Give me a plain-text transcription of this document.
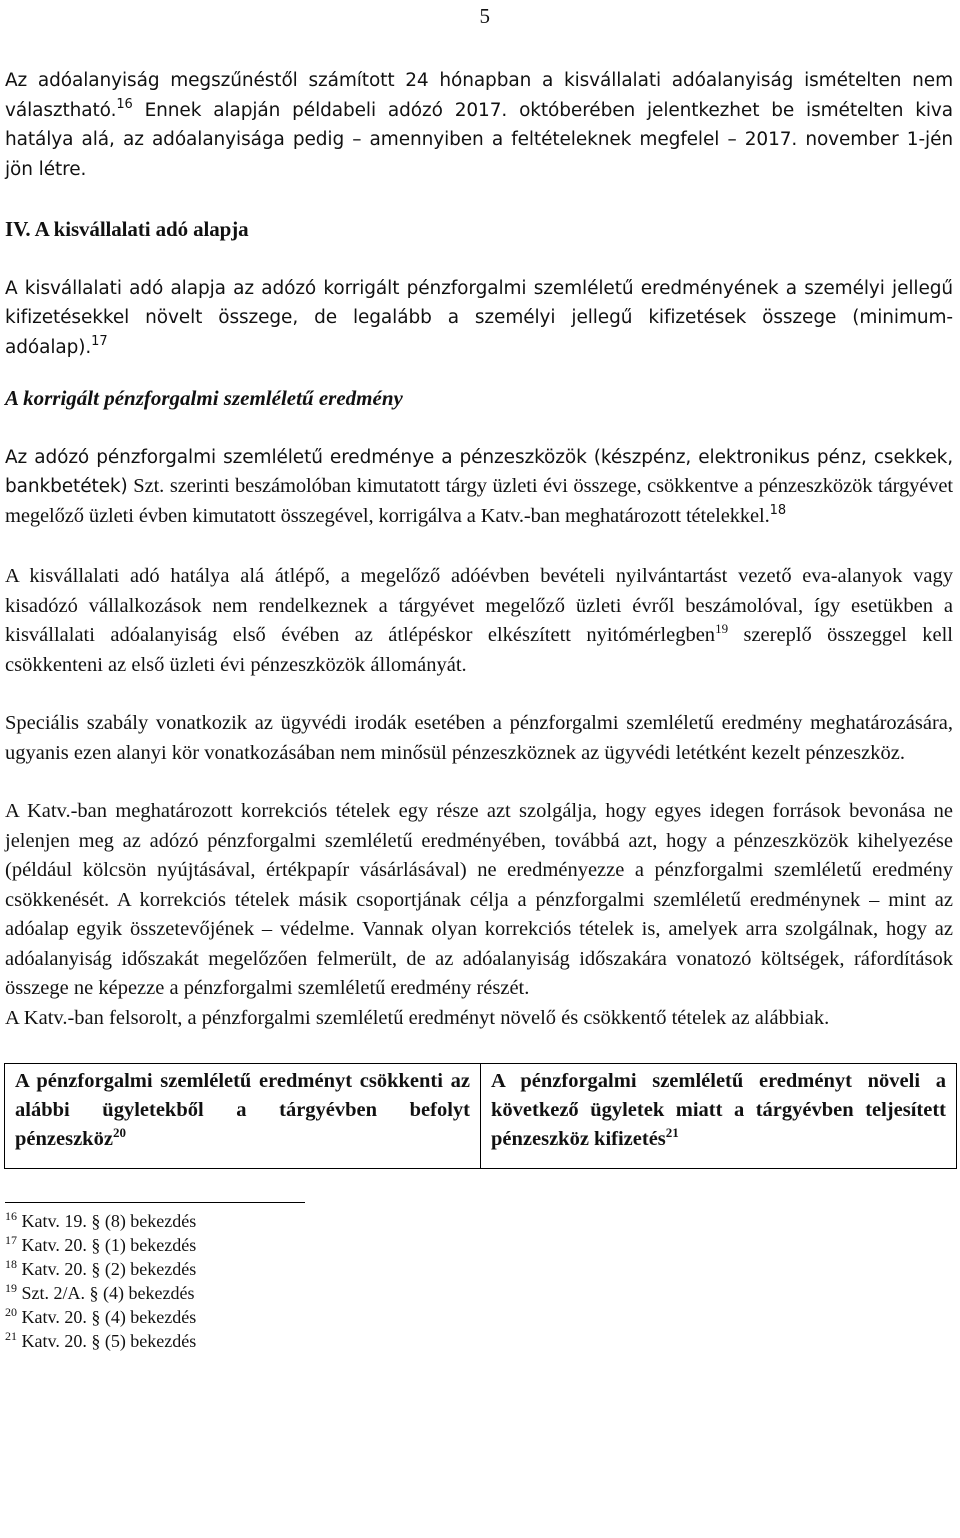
5

Az adóalanyiság megszűnéstől számított 24 hónapban a kisvállalati adóalanyiság ismételten nem választható.$^{16}$ Ennek alapján példabeli adózó 2017. októberében jelentkezhet be ismételten kiva hatálya alá, az adóalanyisága pedig – amennyiben a feltételeknek megfelel – 2017. november 1-jén jön létre.

IV. A kisvállalati adó alapja

A kisvállalati adó alapja az adózó korrigált pénzforgalmi szemléletű eredményének a személyi jellegű kifizetésekkel növelt összege, de legalább a személyi jellegű kifizetések összege (minimum-adóalap).$^{17}$

A korrigált pénzforgalmi szemléletű eredmény

Az adózó pénzforgalmi szemléletű eredménye a pénzeszközök (készpénz, elektronikus pénz, csekkek, bankbetétek) Szt. szerinti beszámolóban kimutatott tárgy üzleti évi összege, csökkentve a pénzeszközök tárgyévet megelőző üzleti évben kimutatott összegével, korrigálva a Katv.-ban meghatározott tételekkel.$^{18}$

A kisvállalati adó hatálya alá átlépő, a megelőző adóévben bevételi nyilvántartást vezető eva-alanyok vagy kisadózó vállalkozások nem rendelkeznek a tárgyévet megelőző üzleti évről beszámolóval, így esetükben a kisvállalati adóalanyiság első évében az átlépéskor elkészített nyitómérlegben$^{19}$ szereplő összeggel kell csökkenteni az első üzleti évi pénzeszközök állományát.

Speciális szabály vonatkozik az ügyvédi irodák esetében a pénzforgalmi szemléletű eredmény meghatározására, ugyanis ezen alanyi kör vonatkozásában nem minősül pénzeszköznek az ügyvédi letétként kezelt pénzeszköz.

A Katv.-ban meghatározott korrekciós tételek egy része azt szolgálja, hogy egyes idegen források bevonása ne jelenjen meg az adózó pénzforgalmi szemléletű eredményében, továbbá azt, hogy a pénzeszközök kihelyezése (például kölcsön nyújtásával, értékpapír vásárlásával) ne eredményezze a pénzforgalmi szemléletű eredmény csökkenését. A korrekciós tételek másik csoportjának célja a pénzforgalmi szemléletű eredménynek – mint az adóalap egyik összetevőjének – védelme. Vannak olyan korrekciós tételek is, amelyek arra szolgálnak, hogy az adóalanyiság időszakát megelőzően felmerült, de az adóalanyiság időszakára vonatozó költségek, ráfordítások összege ne képezze a pénzforgalmi szemléletű eredmény részét.

A Katv.-ban felsorolt, a pénzforgalmi szemléletű eredményt növelő és csökkentő tételek az alábbiak.

A pénzforgalmi szemléletű eredményt csökkenti az alábbi ügyletekből a tárgyévben befolyt pénzeszköz$^{20}$	A pénzforgalmi szemléletű eredményt növeli a következő ügyletek miatt a tárgyévben teljesített pénzeszköz kifizetés$^{21}$
$^{16}$ Katv. 19. § (8) bekezdés
$^{17}$ Katv. 20. § (1) bekezdés
$^{18}$ Katv. 20. § (2) bekezdés
$^{19}$ Szt. 2/A. § (4) bekezdés
$^{20}$ Katv. 20. § (4) bekezdés
$^{21}$ Katv. 20. § (5) bekezdés
